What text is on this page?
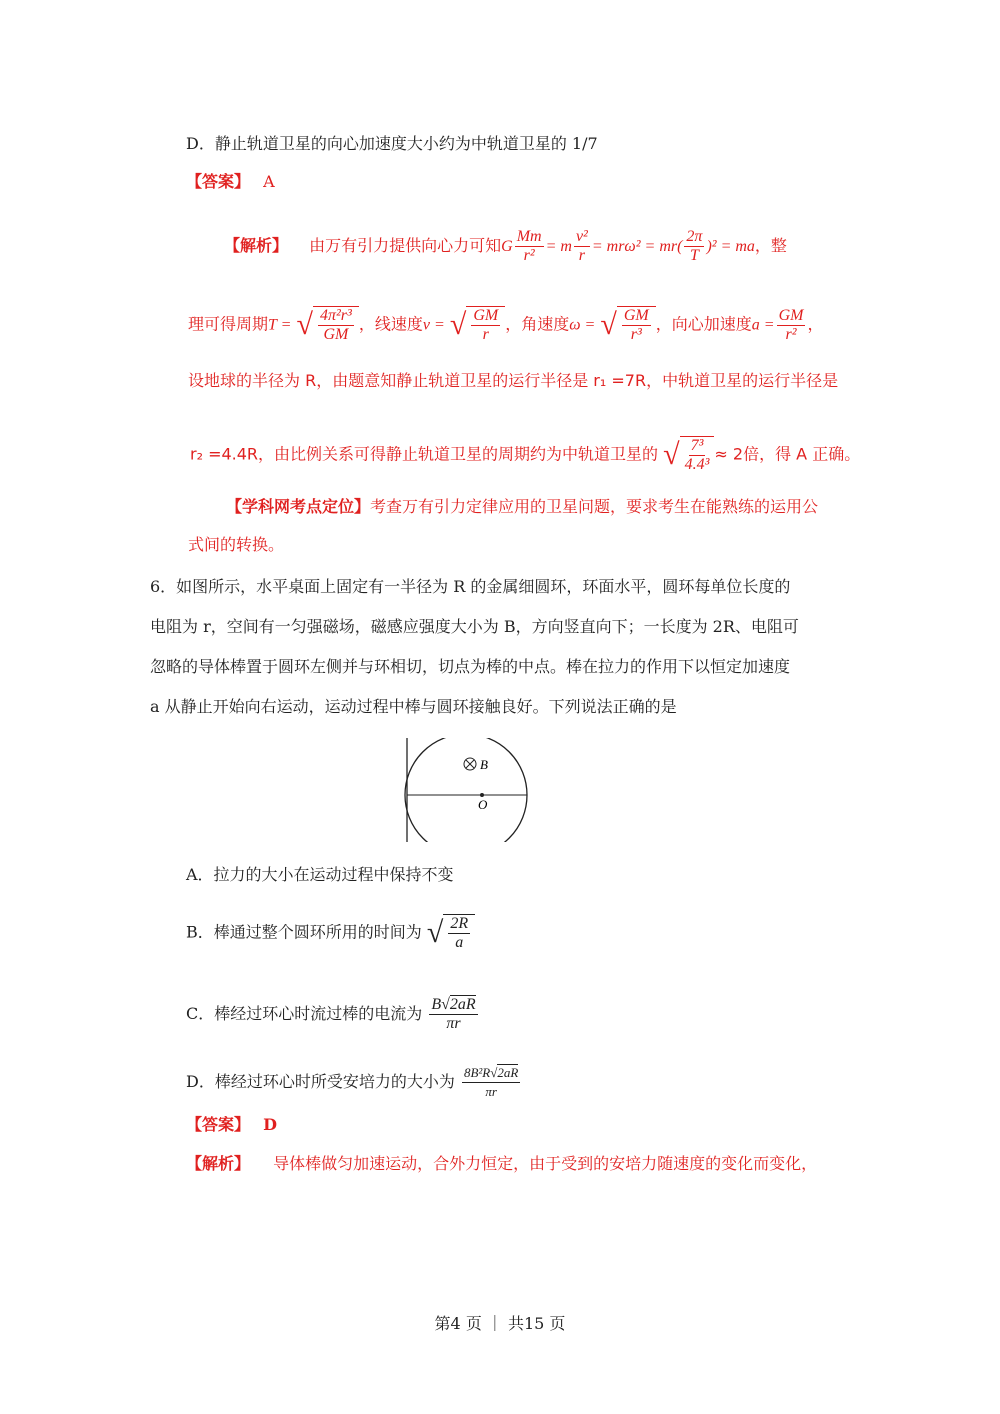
D．静止轨道卫星的向心加速度大小约为中轨道卫星的 1/7
【答案】 A
【解析】 由万有引力提供向心力可知G $\frac{Mm}{\text{r²}} = m \frac{\text{v²}}{r} = mr\omega^2 = mr( \frac{2\pi}{T} )^2$ = ma，整
理可得周期T = √ $\frac{\text{4π²r³}}{GM}$ ，线速度v = √ $\frac{GM}{r}$ ，角速度ω = √ $\frac{GM}{\text{r³}}$ ，向心加速度$a = \frac{GM}{\text{r²}}$ ，
设地球的半径为 R，由题意知静止轨道卫星的运行半径是 r₁ =7R，中轨道卫星的运行半径是
r₂ =4.4R，由比例关系可得静止轨道卫星的周期约为中轨道卫星的 √ $\frac{\text{7³}}{\text{4.4³}} \approx 2$倍，得 A 正确。
【学科网考点定位】考查万有引力定律应用的卫星问题，要求考生在能熟练的运用公
式间的转换。
6．如图所示，水平桌面上固定有一半径为 R 的金属细圆环，环面水平，圆环每单位长度的
电阻为 r，空间有一匀强磁场，磁感应强度大小为 B，方向竖直向下；一长度为 2R、电阻可
忽略的导体棒置于圆环左侧并与环相切，切点为棒的中点。棒在拉力的作用下以恒定加速度
a 从静止开始向右运动，运动过程中棒与圆环接触良好。下列说法正确的是
B
O
A．拉力的大小在运动过程中保持不变
B．棒通过整个圆环所用的时间为 √ $\frac{2R}{a}$
C．棒经过环心时流过棒的电流为 $\frac{B√2aR}{\pi r}$
D．棒经过环心时所受安培力的大小为 $\frac{\text{8B²R√2aR}}{\pi r}$
【答案】 D
【解析】 导体棒做匀加速运动，合外力恒定，由于受到的安培力随速度的变化而变化，
第4 页 ｜ 共15 页
